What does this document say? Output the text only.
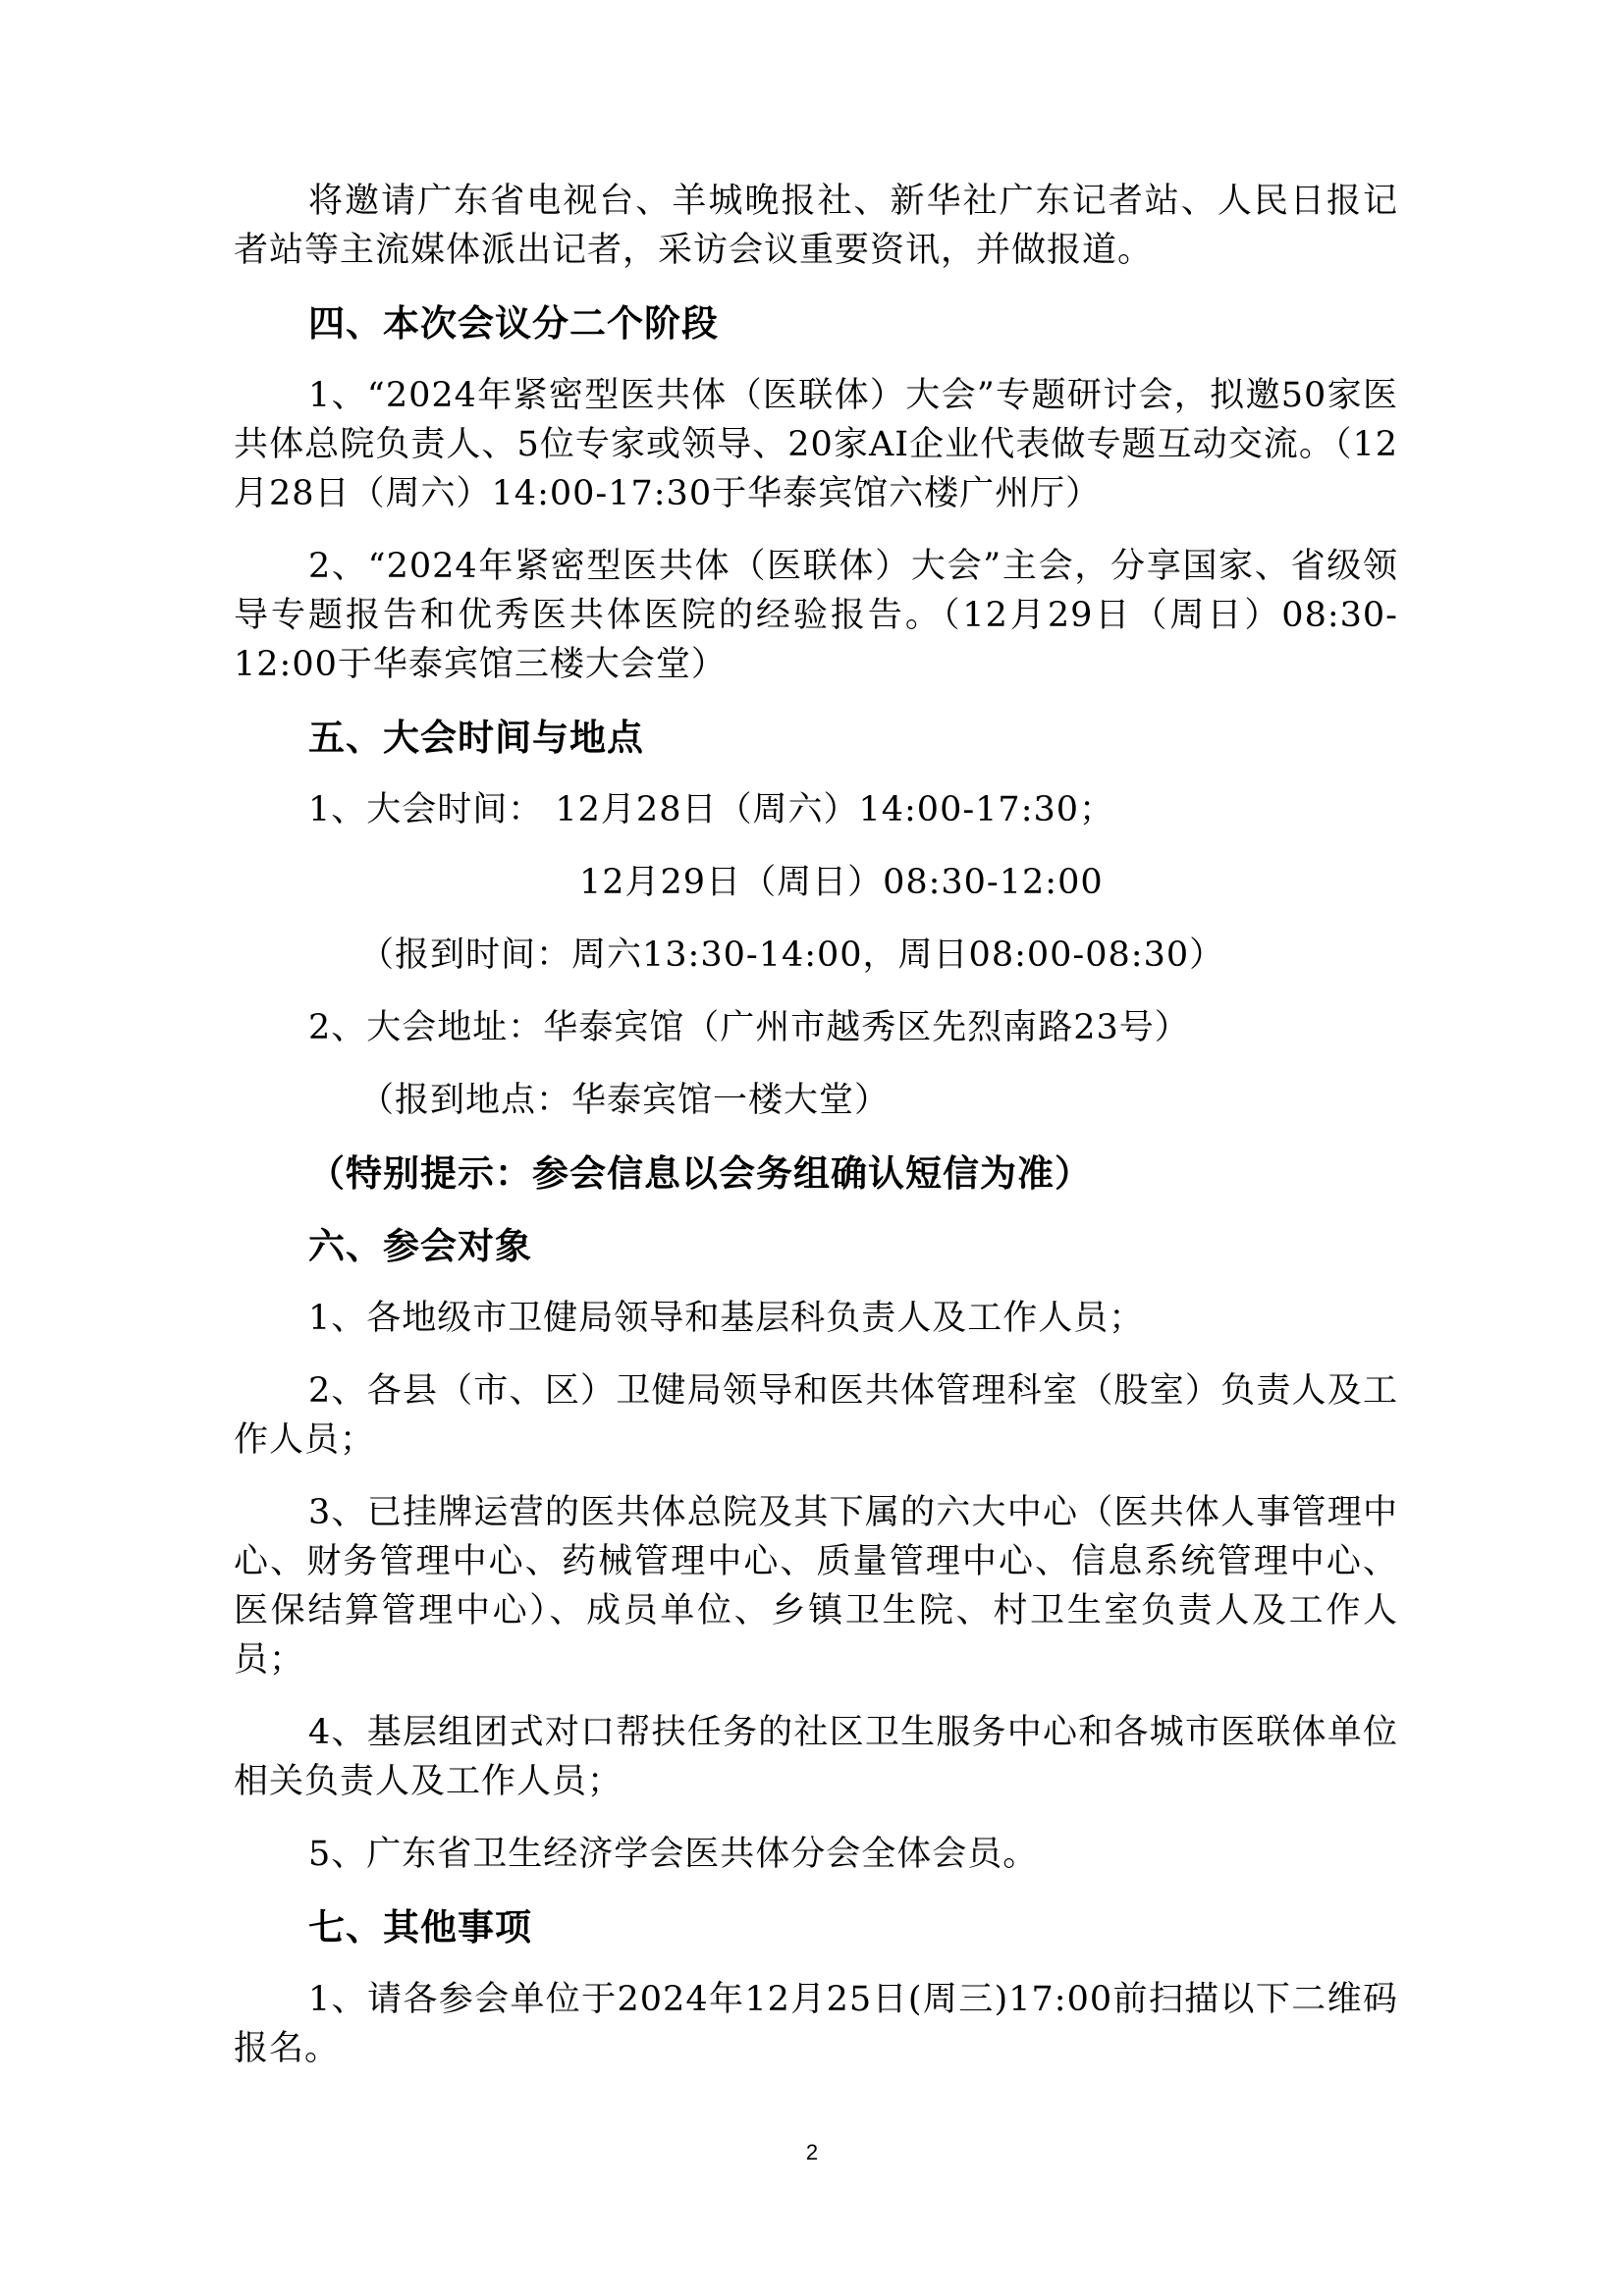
将邀请广东省电视台、羊城晚报社、新华社广东记者站、人民日报记者站等主流媒体派出记者，采访会议重要资讯，并做报道。

四、本次会议分二个阶段

1、“2024年紧密型医共体（医联体）大会”专题研讨会，拟邀50家医共体总院负责人、5位专家或领导、20家AI企业代表做专题互动交流。（12月28日（周六）14:00-17:30于华泰宾馆六楼广州厅）

2、“2024年紧密型医共体（医联体）大会”主会，分享国家、省级领导专题报告和优秀医共体医院的经验报告。（12月29日（周日）08:30-12:00于华泰宾馆三楼大会堂）

五、大会时间与地点

1、大会时间： 12月28日（周六）14:00-17:30；
12月29日（周日）08:30-12:00
（报到时间：周六13:30-14:00，周日08:00-08:30）
2、大会地址：华泰宾馆（广州市越秀区先烈南路23号）
（报到地点：华泰宾馆一楼大堂）

（特别提示：参会信息以会务组确认短信为准）

六、参会对象

1、各地级市卫健局领导和基层科负责人及工作人员；

2、各县（市、区）卫健局领导和医共体管理科室（股室）负责人及工作人员；

3、已挂牌运营的医共体总院及其下属的六大中心（医共体人事管理中心、财务管理中心、药械管理中心、质量管理中心、信息系统管理中心、医保结算管理中心）、成员单位、乡镇卫生院、村卫生室负责人及工作人员；

4、基层组团式对口帮扶任务的社区卫生服务中心和各城市医联体单位相关负责人及工作人员；

5、广东省卫生经济学会医共体分会全体会员。

七、其他事项

1、请各参会单位于2024年12月25日(周三)17:00前扫描以下二维码报名。

2
